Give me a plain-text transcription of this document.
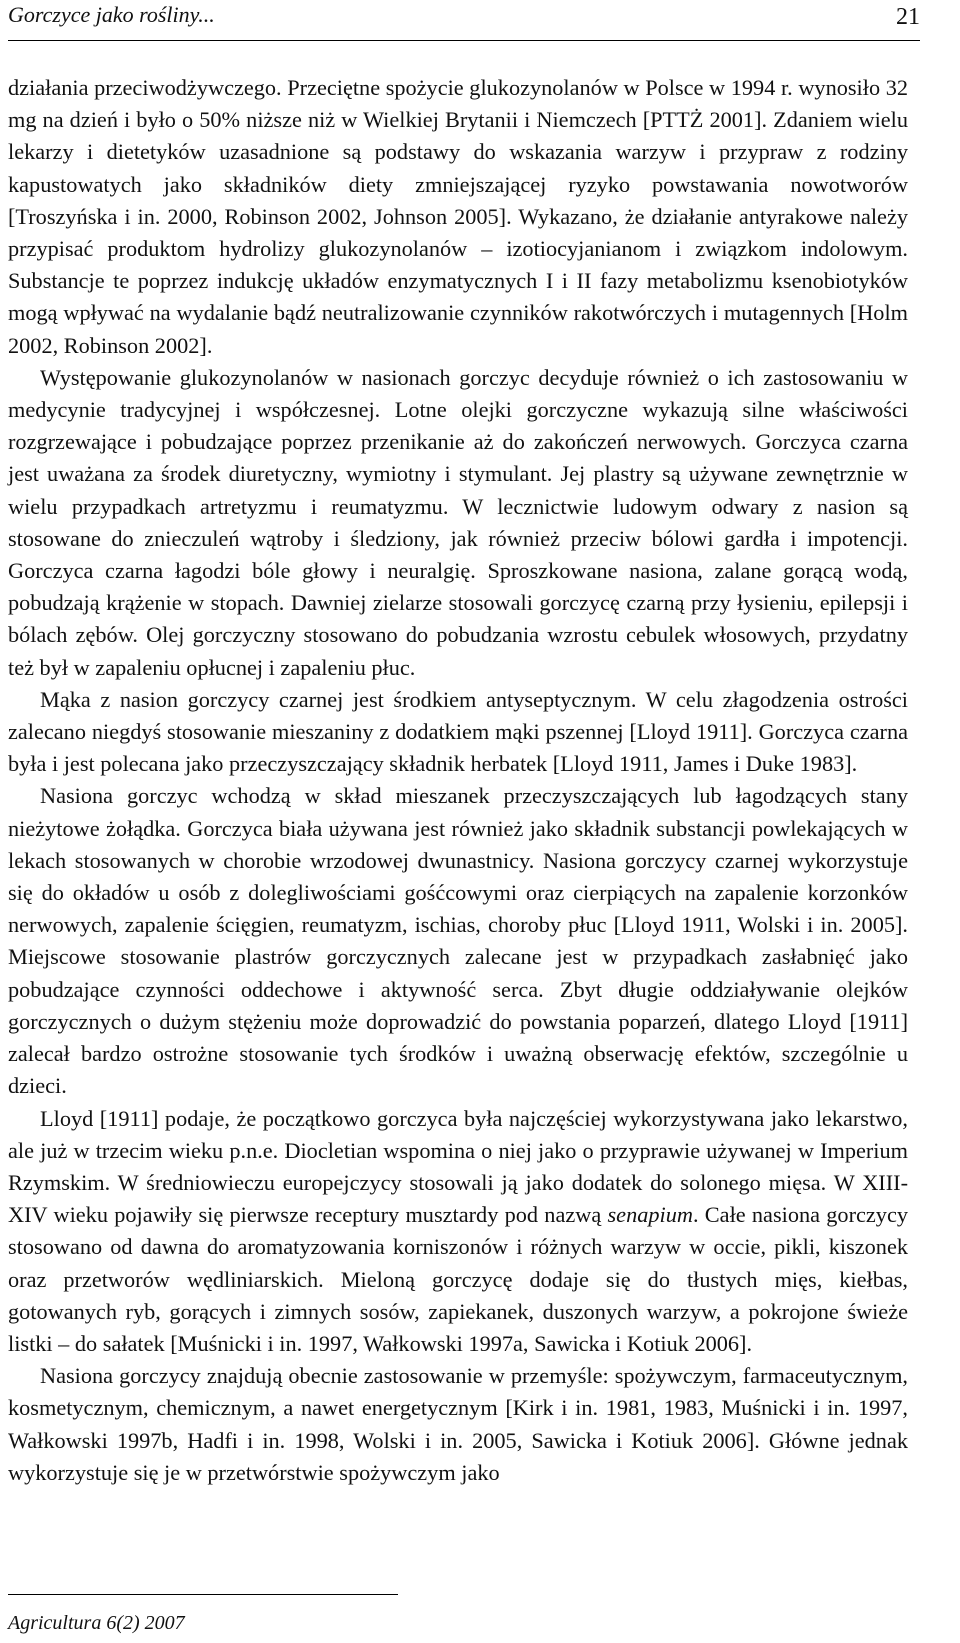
Gorczyce jako rośliny...	21

działania przeciwodżywczego. Przeciętne spożycie glukozynolanów w Polsce w 1994 r. wynosiło 32 mg na dzień i było o 50% niższe niż w Wielkiej Brytanii i Niemczech [PTTŻ 2001]. Zdaniem wielu lekarzy i dietetyków uzasadnione są podstawy do wskazania warzyw i przypraw z rodziny kapustowatych jako składników diety zmniejszającej ryzyko powstawania nowotworów [Troszyńska i in. 2000, Robinson 2002, Johnson 2005]. Wykazano, że działanie antyrakowe należy przypisać produktom hydrolizy glukozynolanów – izotiocyjanianom i związkom indolowym. Substancje te poprzez indukcję układów enzymatycznych I i II fazy metabolizmu ksenobiotyków mogą wpływać na wydalanie bądź neutralizowanie czynników rakotwórczych i mutagennych [Holm 2002, Robinson 2002].

Występowanie glukozynolanów w nasionach gorczyc decyduje również o ich zastosowaniu w medycynie tradycyjnej i współczesnej. Lotne olejki gorczyczne wykazują silne właściwości rozgrzewające i pobudzające poprzez przenikanie aż do zakończeń nerwowych. Gorczyca czarna jest uważana za środek diuretyczny, wymiotny i stymulant. Jej plastry są używane zewnętrznie w wielu przypadkach artretyzmu i reumatyzmu. W lecznictwie ludowym odwary z nasion są stosowane do znieczuleń wątroby i śledziony, jak również przeciw bólowi gardła i impotencji. Gorczyca czarna łagodzi bóle głowy i neuralgię. Sproszkowane nasiona, zalane gorącą wodą, pobudzają krążenie w stopach. Dawniej zielarze stosowali gorczycę czarną przy łysieniu, epilepsji i bólach zębów. Olej gorczyczny stosowano do pobudzania wzrostu cebulek włosowych, przydatny też był w zapaleniu opłucnej i zapaleniu płuc.

Mąka z nasion gorczycy czarnej jest środkiem antyseptycznym. W celu złagodzenia ostrości zalecano niegdyś stosowanie mieszaniny z dodatkiem mąki pszennej [Lloyd 1911]. Gorczyca czarna była i jest polecana jako przeczyszczający składnik herbatek [Lloyd 1911, James i Duke 1983].

Nasiona gorczyc wchodzą w skład mieszanek przeczyszczających lub łagodzących stany nieżytowe żołądka. Gorczyca biała używana jest również jako składnik substancji powlekających w lekach stosowanych w chorobie wrzodowej dwunastnicy. Nasiona gorczycy czarnej wykorzystuje się do okładów u osób z dolegliwościami gośćcowymi oraz cierpiących na zapalenie korzonków nerwowych, zapalenie ścięgien, reumatyzm, ischias, choroby płuc [Lloyd 1911, Wolski i in. 2005]. Miejscowe stosowanie plastrów gorczycznych zalecane jest w przypadkach zasłabnięć jako pobudzające czynności oddechowe i aktywność serca. Zbyt długie oddziaływanie olejków gorczycznych o dużym stężeniu może doprowadzić do powstania poparzeń, dlatego Lloyd [1911] zalecał bardzo ostrożne stosowanie tych środków i uważną obserwację efektów, szczególnie u dzieci.

Lloyd [1911] podaje, że początkowo gorczyca była najczęściej wykorzystywana jako lekarstwo, ale już w trzecim wieku p.n.e. Diocletian wspomina o niej jako o przyprawie używanej w Imperium Rzymskim. W średniowieczu europejczycy stosowali ją jako dodatek do solonego mięsa. W XIII-XIV wieku pojawiły się pierwsze receptury musztardy pod nazwą senapium. Całe nasiona gorczycy stosowano od dawna do aromatyzowania korniszonów i różnych warzyw w occie, pikli, kiszonek oraz przetworów wędliniarskich. Mieloną gorczycę dodaje się do tłustych mięs, kiełbas, gotowanych ryb, gorących i zimnych sosów, zapiekanek, duszonych warzyw, a pokrojone świeże listki – do sałatek [Muśnicki i in. 1997, Wałkowski 1997a, Sawicka i Kotiuk 2006].

Nasiona gorczycy znajdują obecnie zastosowanie w przemyśle: spożywczym, farmaceutycznym, kosmetycznym, chemicznym, a nawet energetycznym [Kirk i in. 1981, 1983, Muśnicki i in. 1997, Wałkowski 1997b, Hadfi i in. 1998, Wolski i in. 2005, Sawicka i Kotiuk 2006]. Główne jednak wykorzystuje się je w przetwórstwie spożywczym jako

Agricultura 6(2) 2007
